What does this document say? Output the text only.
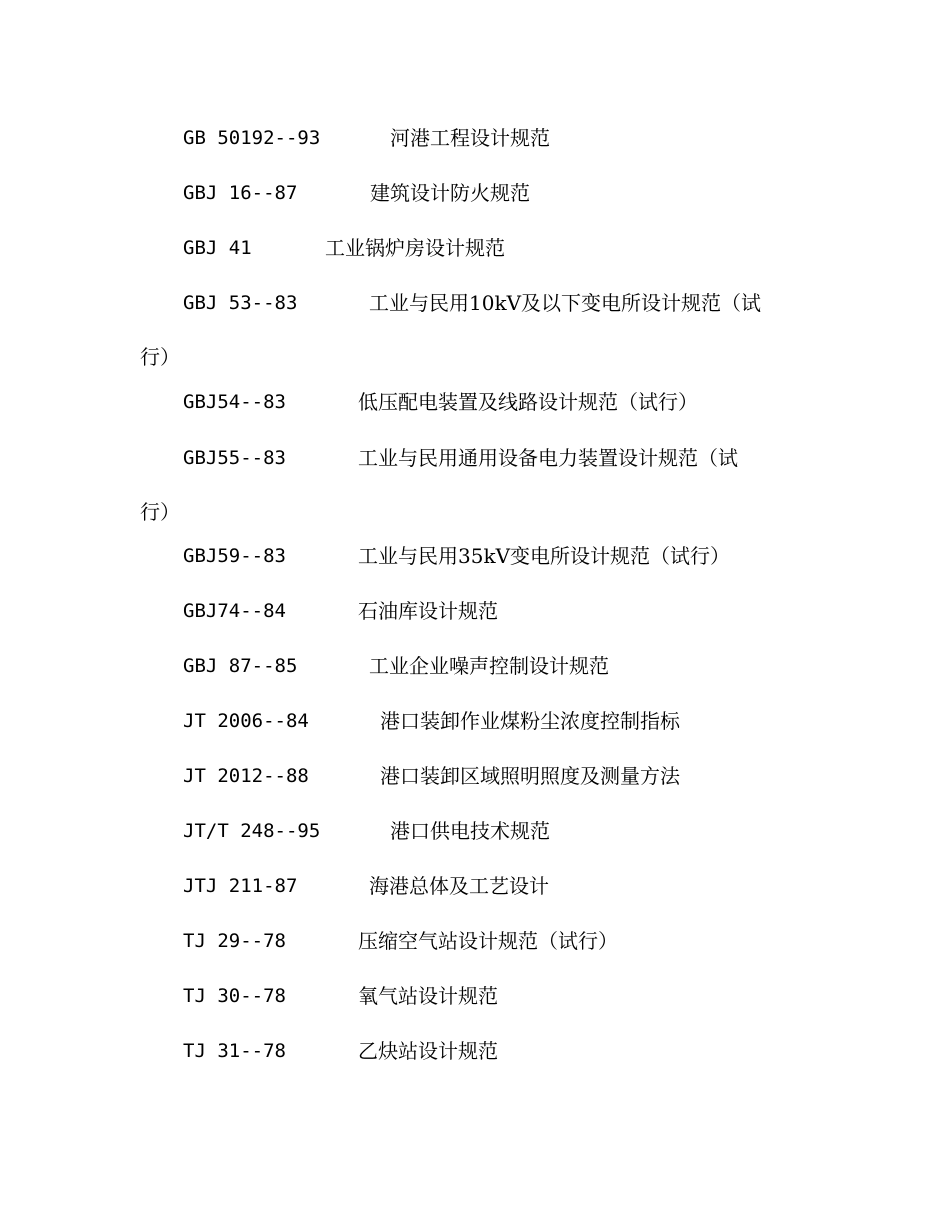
GB 50192--93	河港工程设计规范
GBJ 16--87	建筑设计防火规范
GBJ 41	工业锅炉房设计规范
GBJ 53--83	工业与民用10kV及以下变电所设计规范（试
行）
GBJ54--83	低压配电装置及线路设计规范（试行）
GBJ55--83	工业与民用通用设备电力装置设计规范（试
行）
GBJ59--83	工业与民用35kV变电所设计规范（试行）
GBJ74--84	石油库设计规范
GBJ 87--85	工业企业噪声控制设计规范
JT 2006--84	港口装卸作业煤粉尘浓度控制指标
JT 2012--88	港口装卸区域照明照度及测量方法
JT/T 248--95	港口供电技术规范
JTJ 211-87	海港总体及工艺设计
TJ 29--78	压缩空气站设计规范（试行）
TJ 30--78	氧气站设计规范
TJ 31--78	乙炔站设计规范
